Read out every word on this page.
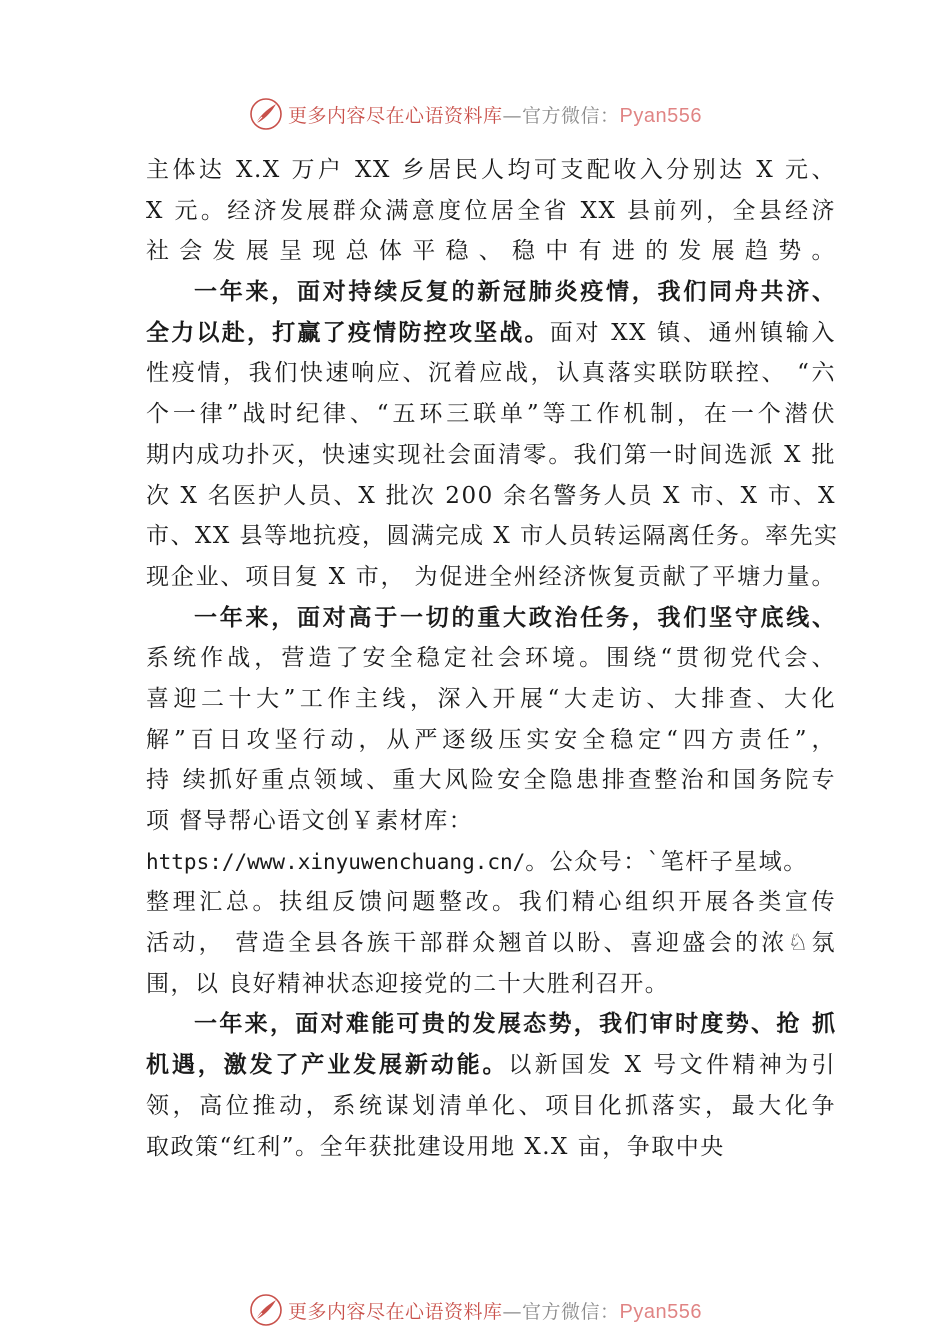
更多内容尽在心语资料库—官方微信：Pyan556
主体达 X.X 万户 XX 乡居民人均可支配收入分别达 X 元、
X 元。经济发展群众满意度位居全省 XX 县前列，全县经济
社会发展呈现总体平稳、稳中有进的发展趋势。
一年来，面对持续反复的新冠肺炎疫情，我们同舟共济、
全力以赴，打赢了疫情防控攻坚战。面对 XX 镇、通州镇输入
性疫情，我们快速响应、沉着应战，认真落实联防联控、 “六
个一律”战时纪律、“五环三联单”等工作机制，在一个潜伏
期内成功扑灭，快速实现社会面清零。我们第一时间选派 X 批
次 X 名医护人员、X 批次 200 余名警务人员 X 市、X 市、X
市、XX 县等地抗疫，圆满完成 X 市人员转运隔离任务。率先实
现企业、项目复 X 市， 为促进全州经济恢复贡献了平塘力量。
一年来，面对高于一切的重大政治任务，我们坚守底线、
系统作战，营造了安全稳定社会环境。围绕“贯彻党代会、
喜迎二十大”工作主线，深入开展“大走访、大排查、大化
解”百日攻坚行动，从严逐级压实安全稳定“四方责任”，
持 续抓好重点领域、重大风险安全隐患排查整治和国务院专
项 督导帮心语文创￥素材库：
https://www.xinyuwenchuang.cn/。公众号：`笔杆子星域。
整理汇总。扶组反馈问题整改。我们精心组织开展各类宣传
活动， 营造全县各族干部群众翘首以盼、喜迎盛会的浓♘氛
围，以 良好精神状态迎接党的二十大胜利召开。
一年来，面对难能可贵的发展态势，我们审时度势、抢 抓
机遇，激发了产业发展新动能。以新国发 X 号文件精神为引
领，高位推动，系统谋划清单化、项目化抓落实，最大化争
取政策“红利”。全年获批建设用地 X.X 亩，争取中央
更多内容尽在心语资料库—官方微信：Pyan556
